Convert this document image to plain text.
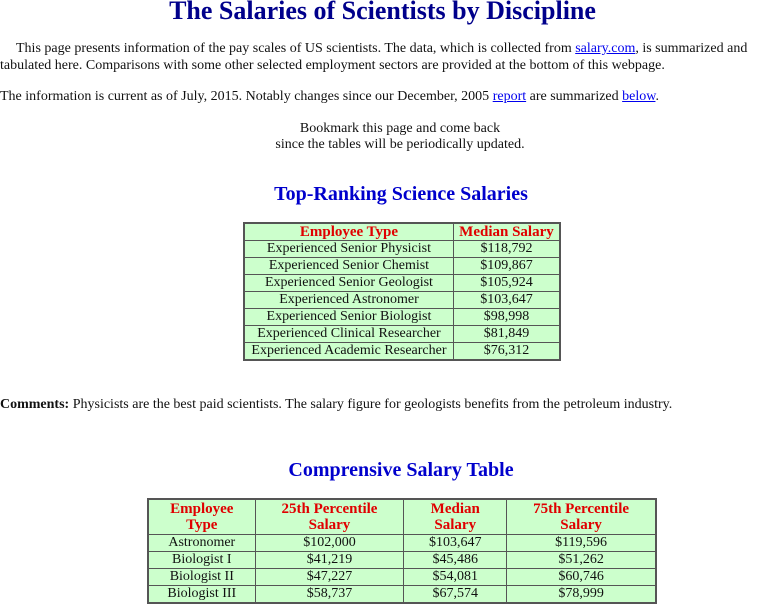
The Salaries of Scientists by Discipline

This page presents information of the pay scales of US scientists. The data, which is collected from salary.com, is summarized and tabulated here. Comparisons with some other selected employment sectors are provided at the bottom of this webpage.

The information is current as of July, 2015. Notably changes since our December, 2005 report are summarized below.

Bookmark this page and come back
since the tables will be periodically updated.
Top-Ranking Science Salaries
Employee Type	Median Salary
Experienced Senior Physicist	$118,792
Experienced Senior Chemist	$109,867
Experienced Senior Geologist	$105,924
Experienced Astronomer	$103,647
Experienced Senior Biologist	$98,998
Experienced Clinical Researcher	$81,849
Experienced Academic Researcher	$76,312
Comments: Physicists are the best paid scientists. The salary figure for geologists benefits from the petroleum industry.
Comprensive Salary Table
Employee Type	25th Percentile Salary	Median Salary	75th Percentile Salary
Astronomer	$102,000	$103,647	$119,596
Biologist I	$41,219	$45,486	$51,262
Biologist II	$47,227	$54,081	$60,746
Biologist III	$58,737	$67,574	$78,999
